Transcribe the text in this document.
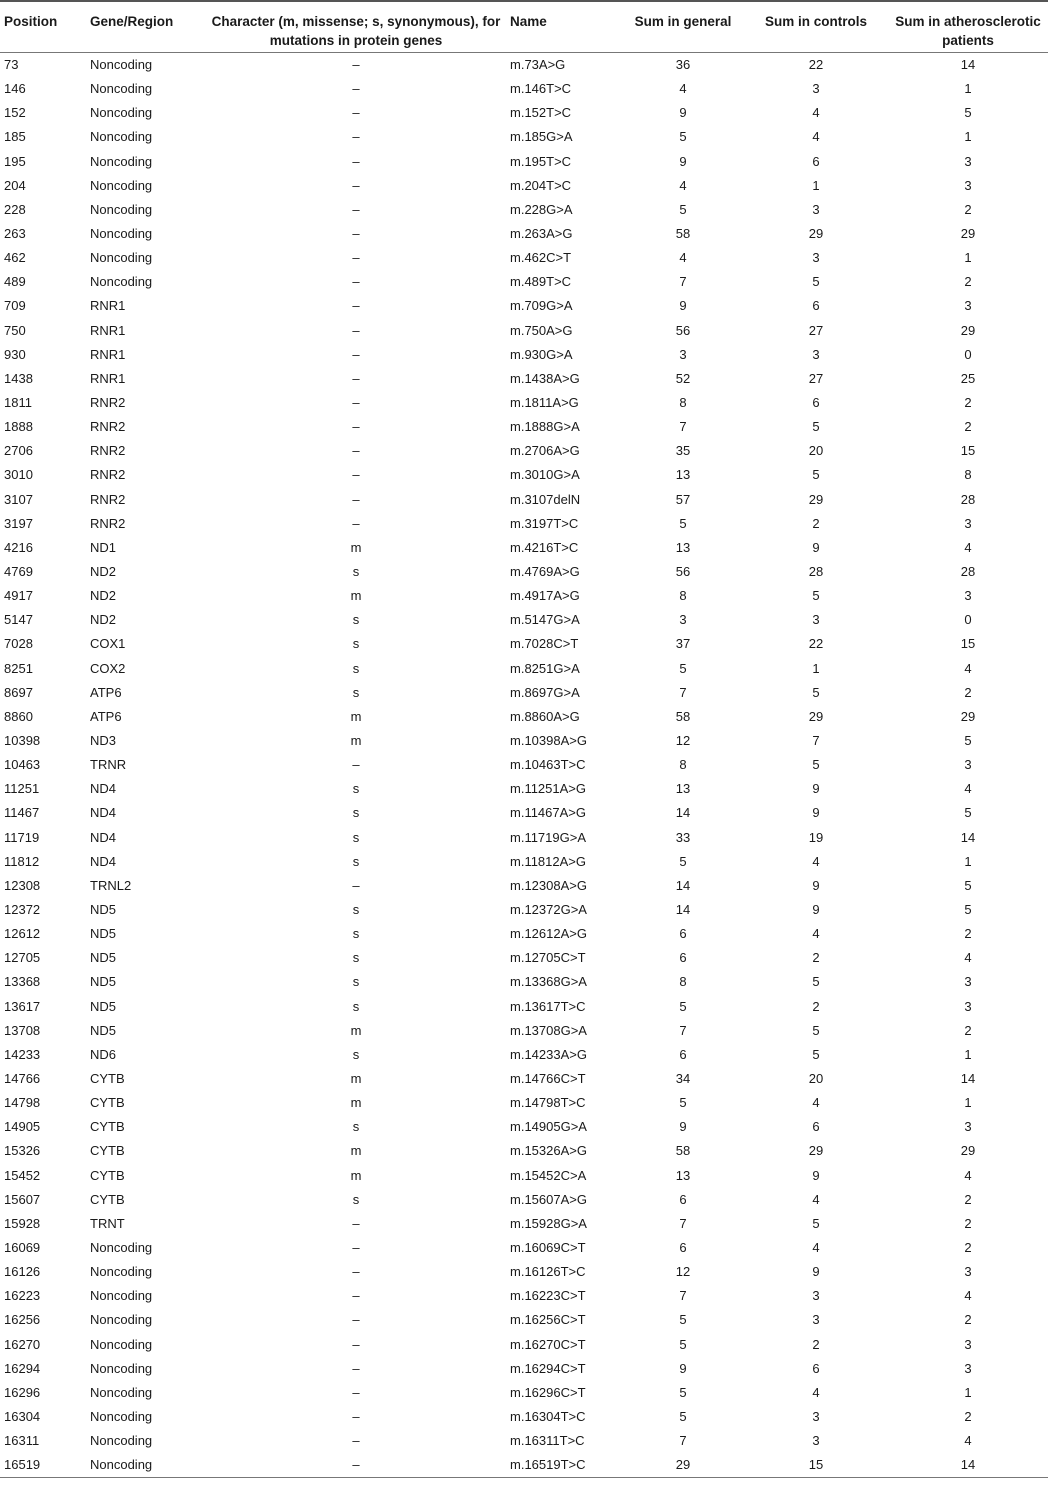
Position	Gene/Region	Character (m, missense; s, synonymous), for mutations in protein genes	Name	Sum in general	Sum in controls	Sum in atherosclerotic patients
73	Noncoding	–	m.73A>G	36	22	14
146	Noncoding	–	m.146T>C	4	3	1
152	Noncoding	–	m.152T>C	9	4	5
185	Noncoding	–	m.185G>A	5	4	1
195	Noncoding	–	m.195T>C	9	6	3
204	Noncoding	–	m.204T>C	4	1	3
228	Noncoding	–	m.228G>A	5	3	2
263	Noncoding	–	m.263A>G	58	29	29
462	Noncoding	–	m.462C>T	4	3	1
489	Noncoding	–	m.489T>C	7	5	2
709	RNR1	–	m.709G>A	9	6	3
750	RNR1	–	m.750A>G	56	27	29
930	RNR1	–	m.930G>A	3	3	0
1438	RNR1	–	m.1438A>G	52	27	25
1811	RNR2	–	m.1811A>G	8	6	2
1888	RNR2	–	m.1888G>A	7	5	2
2706	RNR2	–	m.2706A>G	35	20	15
3010	RNR2	–	m.3010G>A	13	5	8
3107	RNR2	–	m.3107delN	57	29	28
3197	RNR2	–	m.3197T>C	5	2	3
4216	ND1	m	m.4216T>C	13	9	4
4769	ND2	s	m.4769A>G	56	28	28
4917	ND2	m	m.4917A>G	8	5	3
5147	ND2	s	m.5147G>A	3	3	0
7028	COX1	s	m.7028C>T	37	22	15
8251	COX2	s	m.8251G>A	5	1	4
8697	ATP6	s	m.8697G>A	7	5	2
8860	ATP6	m	m.8860A>G	58	29	29
10398	ND3	m	m.10398A>G	12	7	5
10463	TRNR	–	m.10463T>C	8	5	3
11251	ND4	s	m.11251A>G	13	9	4
11467	ND4	s	m.11467A>G	14	9	5
11719	ND4	s	m.11719G>A	33	19	14
11812	ND4	s	m.11812A>G	5	4	1
12308	TRNL2	–	m.12308A>G	14	9	5
12372	ND5	s	m.12372G>A	14	9	5
12612	ND5	s	m.12612A>G	6	4	2
12705	ND5	s	m.12705C>T	6	2	4
13368	ND5	s	m.13368G>A	8	5	3
13617	ND5	s	m.13617T>C	5	2	3
13708	ND5	m	m.13708G>A	7	5	2
14233	ND6	s	m.14233A>G	6	5	1
14766	CYTB	m	m.14766C>T	34	20	14
14798	CYTB	m	m.14798T>C	5	4	1
14905	CYTB	s	m.14905G>A	9	6	3
15326	CYTB	m	m.15326A>G	58	29	29
15452	CYTB	m	m.15452C>A	13	9	4
15607	CYTB	s	m.15607A>G	6	4	2
15928	TRNT	–	m.15928G>A	7	5	2
16069	Noncoding	–	m.16069C>T	6	4	2
16126	Noncoding	–	m.16126T>C	12	9	3
16223	Noncoding	–	m.16223C>T	7	3	4
16256	Noncoding	–	m.16256C>T	5	3	2
16270	Noncoding	–	m.16270C>T	5	2	3
16294	Noncoding	–	m.16294C>T	9	6	3
16296	Noncoding	–	m.16296C>T	5	4	1
16304	Noncoding	–	m.16304T>C	5	3	2
16311	Noncoding	–	m.16311T>C	7	3	4
16519	Noncoding	–	m.16519T>C	29	15	14
